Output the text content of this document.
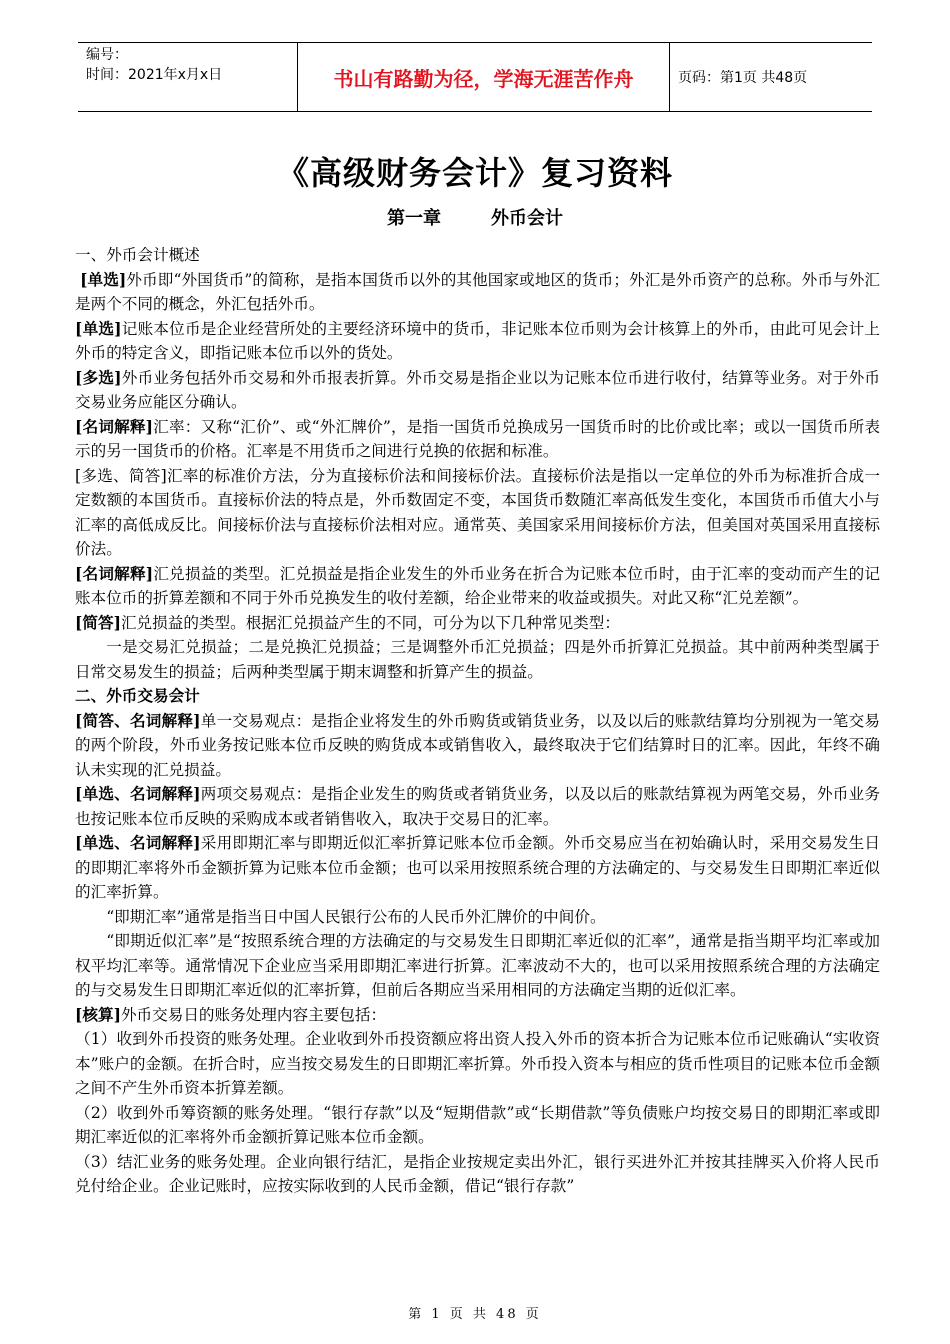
编号：
时间：2021年x月x日	书山有路勤为径，学海无涯苦作舟	页码：第1页 共48页
《高级财务会计》复习资料
第一章	外币会计

一、外币会计概述

[单选]外币即“外国货币”的简称，是指本国货币以外的其他国家或地区的货币；外汇是外币资产的总称。外币与外汇是两个不同的概念，外汇包括外币。

[单选]记账本位币是企业经营所处的主要经济环境中的货币，非记账本位币则为会计核算上的外币，由此可见会计上外币的特定含义，即指记账本位币以外的货处。

[多选]外币业务包括外币交易和外币报表折算。外币交易是指企业以为记账本位币进行收付，结算等业务。对于外币交易业务应能区分确认。

[名词解释]汇率：又称“汇价”、或“外汇牌价”，是指一国货币兑换成另一国货币时的比价或比率；或以一国货币所表示的另一国货币的价格。汇率是不用货币之间进行兑换的依据和标准。

[多选、简答]汇率的标准价方法，分为直接标价法和间接标价法。直接标价法是指以一定单位的外币为标准折合成一定数额的本国货币。直接标价法的特点是，外币数固定不变，本国货币数随汇率高低发生变化，本国货币币值大小与汇率的高低成反比。间接标价法与直接标价法相对应。通常英、美国家采用间接标价方法，但美国对英国采用直接标价法。

[名词解释]汇兑损益的类型。汇兑损益是指企业发生的外币业务在折合为记账本位币时，由于汇率的变动而产生的记账本位币的折算差额和不同于外币兑换发生的收付差额，给企业带来的收益或损失。对此又称“汇兑差额”。

[简答]汇兑损益的类型。根据汇兑损益产生的不同，可分为以下几种常见类型：

一是交易汇兑损益；二是兑换汇兑损益；三是调整外币汇兑损益；四是外币折算汇兑损益。其中前两种类型属于日常交易发生的损益；后两种类型属于期末调整和折算产生的损益。

二、外币交易会计

[简答、名词解释]单一交易观点：是指企业将发生的外币购货或销货业务，以及以后的账款结算均分别视为一笔交易的两个阶段，外币业务按记账本位币反映的购货成本或销售收入，最终取决于它们结算时日的汇率。因此，年终不确认未实现的汇兑损益。

[单选、名词解释]两项交易观点：是指企业发生的购货或者销货业务，以及以后的账款结算视为两笔交易，外币业务也按记账本位币反映的采购成本或者销售收入，取决于交易日的汇率。

[单选、名词解释]采用即期汇率与即期近似汇率折算记账本位币金额。外币交易应当在初始确认时，采用交易发生日的即期汇率将外币金额折算为记账本位币金额；也可以采用按照系统合理的方法确定的、与交易发生日即期汇率近似的汇率折算。

“即期汇率”通常是指当日中国人民银行公布的人民币外汇牌价的中间价。

“即期近似汇率”是“按照系统合理的方法确定的与交易发生日即期汇率近似的汇率”，通常是指当期平均汇率或加权平均汇率等。通常情况下企业应当采用即期汇率进行折算。汇率波动不大的，也可以采用按照系统合理的方法确定的与交易发生日即期汇率近似的汇率折算，但前后各期应当采用相同的方法确定当期的近似汇率。

[核算]外币交易日的账务处理内容主要包括：

（1）收到外币投资的账务处理。企业收到外币投资额应将出资人投入外币的资本折合为记账本位币记账确认“实收资本”账户的金额。在折合时，应当按交易发生的日即期汇率折算。外币投入资本与相应的货币性项目的记账本位币金额之间不产生外币资本折算差额。

（2）收到外币筹资额的账务处理。“银行存款”以及“短期借款”或“长期借款”等负债账户均按交易日的即期汇率或即期汇率近似的汇率将外币金额折算记账本位币金额。

（3）结汇业务的账务处理。企业向银行结汇，是指企业按规定卖出外汇，银行买进外汇并按其挂牌买入价将人民币兑付给企业。企业记账时，应按实际收到的人民币金额，借记“银行存款”

第 1 页 共 48 页
